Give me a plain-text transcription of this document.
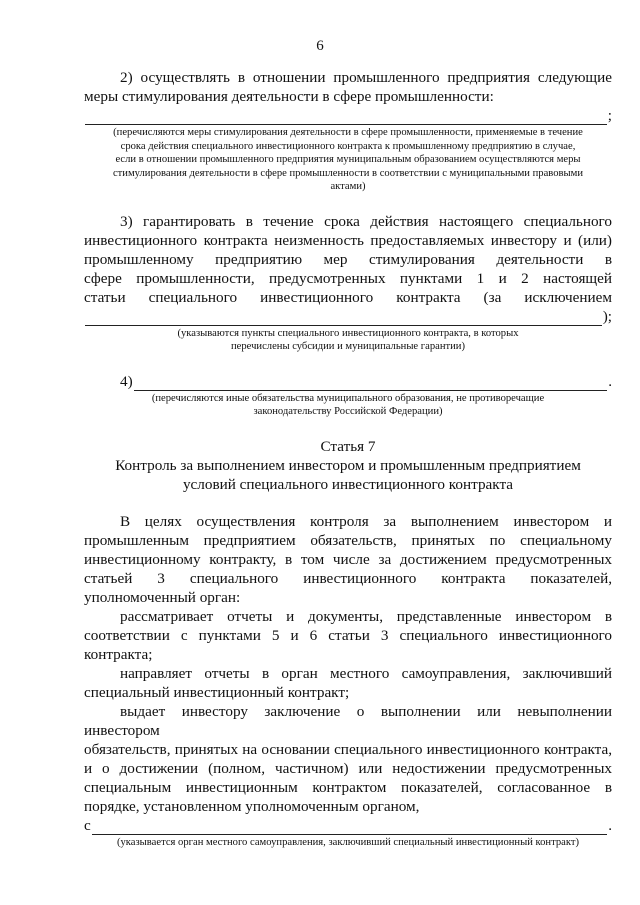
6

2) осуществлять в отношении промышленного предприятия следующие

меры стимулирования деятельности в сфере промышленности:

;
(перечисляются меры стимулирования деятельности в сфере промышленности, применяемые в течение
срока действия специального инвестиционного контракта к промышленному предприятию в случае,
если в отношении промышленного предприятия муниципальным образованием осуществляются меры
стимулирования деятельности в сфере промышленности в соответствии с муниципальными правовыми
актами)

3) гарантировать в течение срока действия настоящего специального

инвестиционного контракта неизменность предоставляемых инвестору и (или)

промышленному предприятию мер стимулирования деятельности в

сфере промышленности, предусмотренных пунктами 1 и 2 настоящей

статьи специального инвестиционного контракта (за исключением

);
(указываются пункты специального инвестиционного контракта, в которых
перечислены субсидии и муниципальные гарантии)
4)	.
(перечисляются иные обязательства муниципального образования, не противоречащие
законодательству Российской Федерации)

Статья 7

Контроль за выполнением инвестором и промышленным предприятием

условий специального инвестиционного контракта

В целях осуществления контроля за выполнением инвестором и

промышленным предприятием обязательств, принятых по специальному

инвестиционному контракту, в том числе за достижением предусмотренных

статьей 3 специального инвестиционного контракта показателей,

уполномоченный орган:

рассматривает отчеты и документы, представленные инвестором в

соответствии с пунктами 5 и 6 статьи 3 специального инвестиционного

контракта;

направляет отчеты в орган местного самоуправления, заключивший

специальный инвестиционный контракт;

выдает инвестору заключение о выполнении или невыполнении инвестором

обязательств, принятых на основании специального инвестиционного контракта,

и о достижении (полном, частичном) или недостижении предусмотренных

специальным инвестиционным контрактом показателей, согласованное в

порядке, установленном уполномоченным органом,

с	.
(указывается орган местного самоуправления, заключивший специальный инвестиционный контракт)
